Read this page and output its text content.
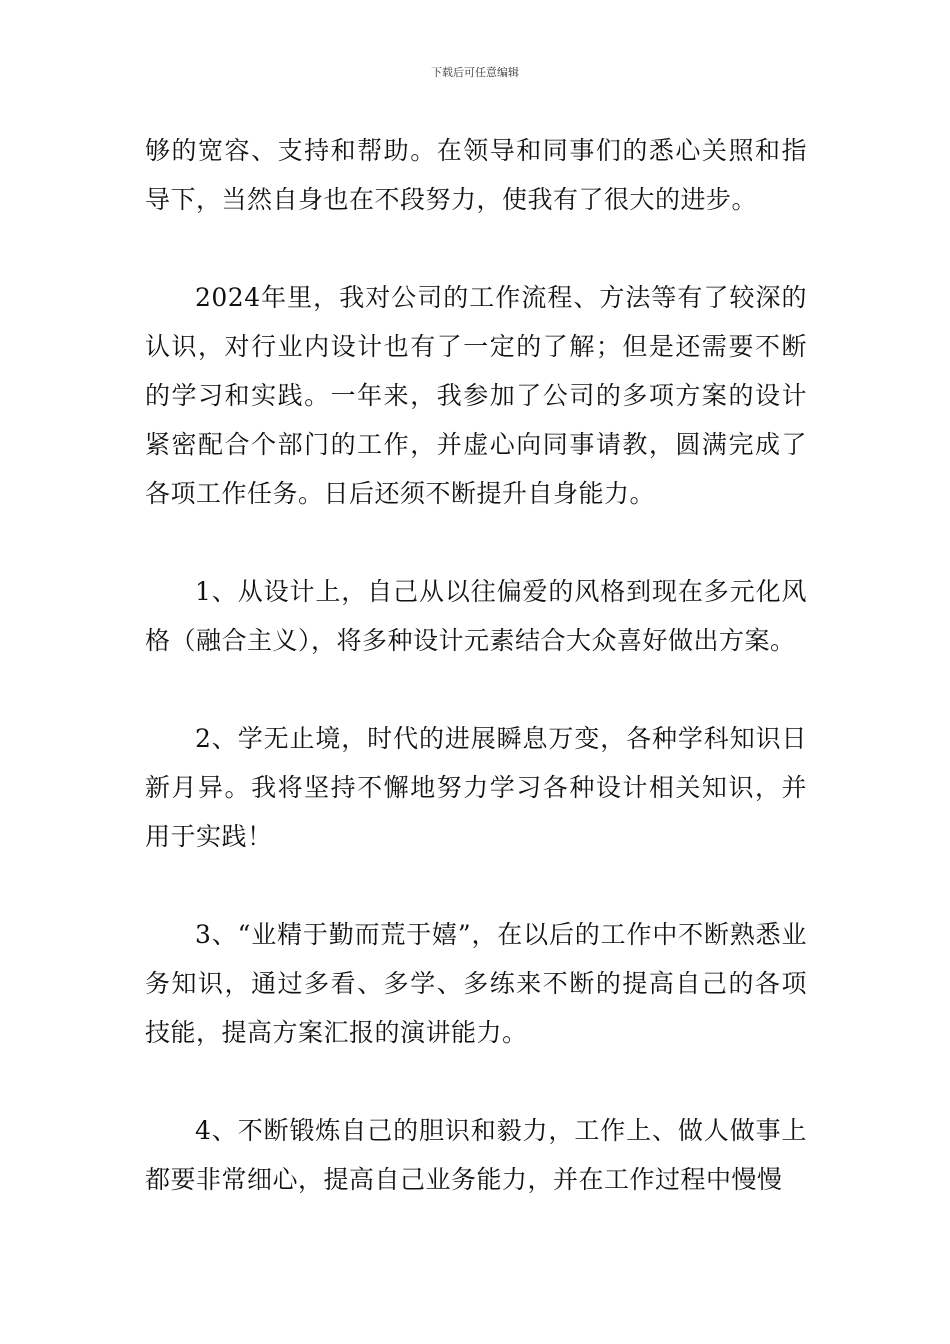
下载后可任意编辑

够的宽容、支持和帮助。在领导和同事们的悉心关照和指导下，当然自身也在不段努力，使我有了很大的进步。

2024年里，我对公司的工作流程、方法等有了较深的认识，对行业内设计也有了一定的了解；但是还需要不断的学习和实践。一年来，我参加了公司的多项方案的设计紧密配合个部门的工作，并虚心向同事请教，圆满完成了各项工作任务。日后还须不断提升自身能力。

1、从设计上，自己从以往偏爱的风格到现在多元化风格（融合主义），将多种设计元素结合大众喜好做出方案。

2、学无止境，时代的进展瞬息万变，各种学科知识日新月异。我将坚持不懈地努力学习各种设计相关知识，并用于实践！

3、“业精于勤而荒于嬉”，在以后的工作中不断熟悉业务知识，通过多看、多学、多练来不断的提高自己的各项技能，提高方案汇报的演讲能力。

4、不断锻炼自己的胆识和毅力，工作上、做人做事上都要非常细心，提高自己业务能力，并在工作过程中慢慢
